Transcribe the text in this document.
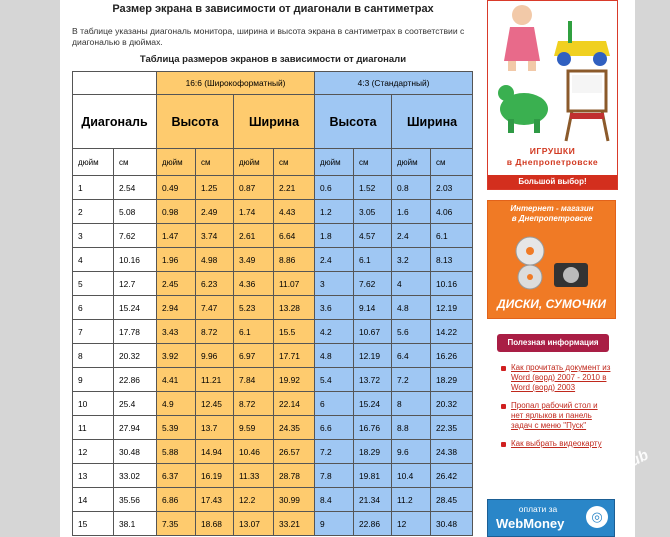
Размер экрана в зависимости от диагонали в сантиметрах
В таблице указаны диагональ монитора, ширина и высота экрана в сантиметрах в соответствии с диагональю в дюймах.
Таблица размеров экранов в зависимости от диагонали
		16:6 (Широкоформатный)				4:3 (Стандартный)			
Диагональ		Высота		Ширина		Высота		Ширина	
дюйм	см	дюйм	см	дюйм	см	дюйм	см	дюйм	см
1	2.54	0.49	1.25	0.87	2.21	0.6	1.52	0.8	2.03
2	5.08	0.98	2.49	1.74	4.43	1.2	3.05	1.6	4.06
3	7.62	1.47	3.74	2.61	6.64	1.8	4.57	2.4	6.1
4	10.16	1.96	4.98	3.49	8.86	2.4	6.1	3.2	8.13
5	12.7	2.45	6.23	4.36	11.07	3	7.62	4	10.16
6	15.24	2.94	7.47	5.23	13.28	3.6	9.14	4.8	12.19
7	17.78	3.43	8.72	6.1	15.5	4.2	10.67	5.6	14.22
8	20.32	3.92	9.96	6.97	17.71	4.8	12.19	6.4	16.26
9	22.86	4.41	11.21	7.84	19.92	5.4	13.72	7.2	18.29
10	25.4	4.9	12.45	8.72	22.14	6	15.24	8	20.32
11	27.94	5.39	13.7	9.59	24.35	6.6	16.76	8.8	22.35
12	30.48	5.88	14.94	10.46	26.57	7.2	18.29	9.6	24.38
13	33.02	6.37	16.19	11.33	28.78	7.8	19.81	10.4	26.42
14	35.56	6.86	17.43	12.2	30.99	8.4	21.34	11.2	28.45
15	38.1	7.35	18.68	13.07	33.21	9	22.86	12	30.48
ИГРУШКИ
в Днепропетровске
Большой выбор!
Интернет - магазин
в Днепропетровске
ДИСКИ, СУМОЧКИ
Полезная информация
Как прочитать документ из Word (ворд) 2007 - 2010 в Word (ворд) 2003
Пропал рабочий стол и нет ярлыков и панель задач с меню "Пуск"
Как выбрать видеокарту
оплати за
WebMoney	◎
SovetClub
